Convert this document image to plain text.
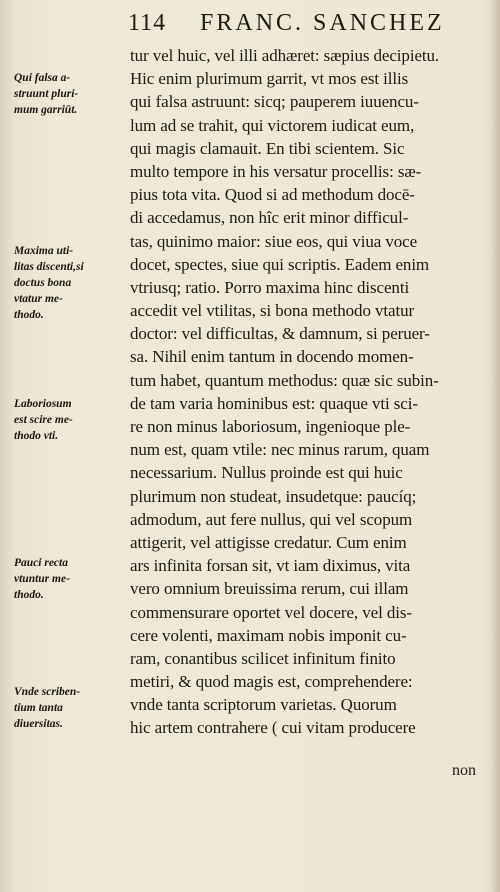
114 FRANC. SANCHEZ
Qui falsa a-
struunt pluri-
mum garriūt.
Maxima uti-
litas discenti,si
doctus bona
vtatur me-
thodo.
Laboriosum
est scire me-
thodo vti.
Pauci recta
vtuntur me-
thodo.
Vnde scriben-
tium tanta
diuersitas.
tur vel huic, vel illi adhæret: sæpius decipietu.
Hic enim plurimum garrit, vt mos est illis
qui falsa astruunt: sicq; pauperem iuuencu-
lum ad se trahit, qui victorem iudicat eum,
qui magis clamauit. En tibi scientem. Sic
multo tempore in his versatur procellis: sæ-
pius tota vita. Quod si ad methodum docē-
di accedamus, non hîc erit minor difficul-
tas, quinimo maior: siue eos, qui viua voce
docet, spectes, siue qui scriptis. Eadem enim
vtriusq; ratio. Porro maxima hinc discenti
accedit vel vtilitas, si bona methodo vtatur
doctor: vel difficultas, & damnum, si peruer-
sa. Nihil enim tantum in docendo momen-
tum habet, quantum methodus: quæ sic subin-
de tam varia hominibus est: quaque vti sci-
re non minus laboriosum, ingenioque ple-
num est, quam vtile: nec minus rarum, quam
necessarium. Nullus proinde est qui huic
plurimum non studeat, insudetque: paucíq;
admodum, aut fere nullus, qui vel scopum
attigerit, vel attigisse credatur. Cum enim
ars infinita forsan sit, vt iam diximus, vita
vero omnium breuissima rerum, cui illam
commensurare oportet vel docere, vel dis-
cere volenti, maximam nobis imponit cu-
ram, conantibus scilicet infinitum finito
metiri, & quod magis est, comprehendere:
vnde tanta scriptorum varietas. Quorum
hic artem contrahere ( cui vitam producere
non
